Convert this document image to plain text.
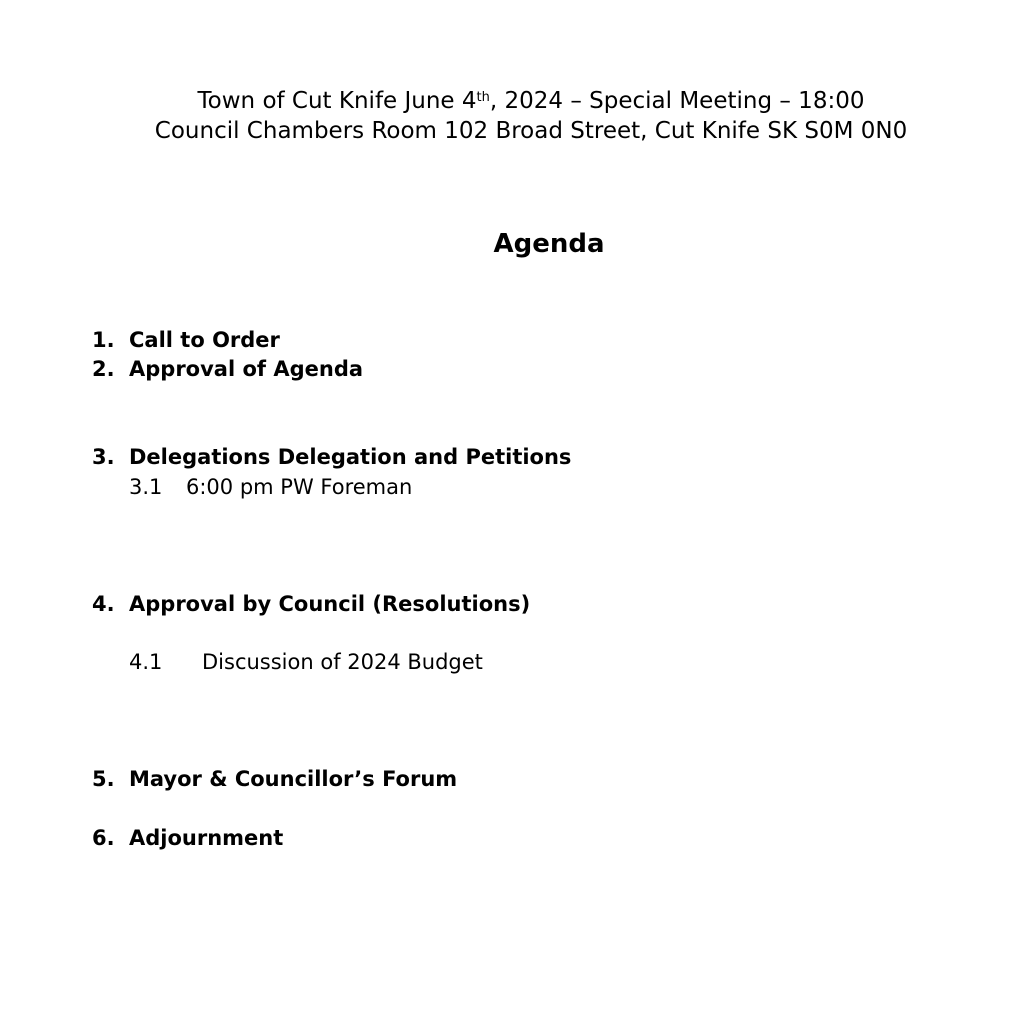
Town of Cut Knife June 4th, 2024 – Special Meeting – 18:00
Council Chambers Room 102 Broad Street, Cut Knife SK S0M 0N0
Agenda
1. Call to Order
2. Approval of Agenda
3. Delegations Delegation and Petitions
3.1 6:00 pm PW Foreman
4. Approval by Council (Resolutions)
4.1 Discussion of 2024 Budget
5. Mayor & Councillor’s Forum
6. Adjournment
